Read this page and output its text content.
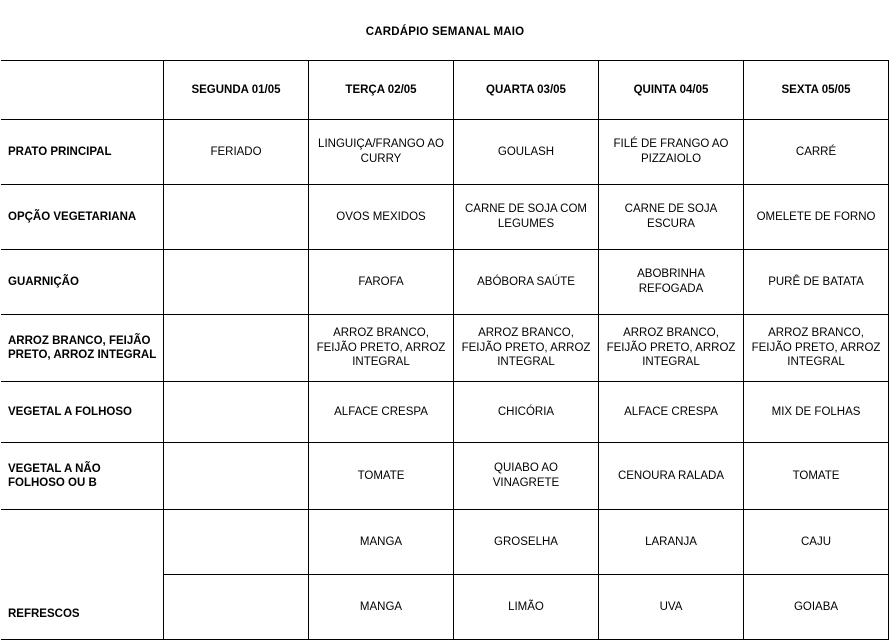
CARDÁPIO SEMANAL MAIO					
	SEGUNDA 01/05	TERÇA 02/05	QUARTA 03/05	QUINTA 04/05	SEXTA 05/05
PRATO PRINCIPAL	FERIADO	LINGUIÇA/FRANGO AO CURRY	GOULASH	FILÉ DE FRANGO AO PIZZAIOLO	CARRÉ
OPÇÃO VEGETARIANA		OVOS MEXIDOS	CARNE DE SOJA COM LEGUMES	CARNE DE SOJA ESCURA	OMELETE DE FORNO
GUARNIÇÃO		FAROFA	ABÓBORA SAÚTE	ABOBRINHA REFOGADA	PURÊ DE BATATA
ARROZ BRANCO, FEIJÃO PRETO, ARROZ INTEGRAL		ARROZ BRANCO, FEIJÃO PRETO, ARROZ INTEGRAL	ARROZ BRANCO, FEIJÃO PRETO, ARROZ INTEGRAL	ARROZ BRANCO, FEIJÃO PRETO, ARROZ INTEGRAL	ARROZ BRANCO, FEIJÃO PRETO, ARROZ INTEGRAL
VEGETAL A FOLHOSO		ALFACE CRESPA	CHICÓRIA	ALFACE CRESPA	MIX DE FOLHAS
VEGETAL A NÃO FOLHOSO OU B		TOMATE	QUIABO AO VINAGRETE	CENOURA RALADA	TOMATE
REFRESCOS		MANGA	GROSELHA	LARANJA	CAJU
		MANGA	LIMÃO	UVA	GOIABA
